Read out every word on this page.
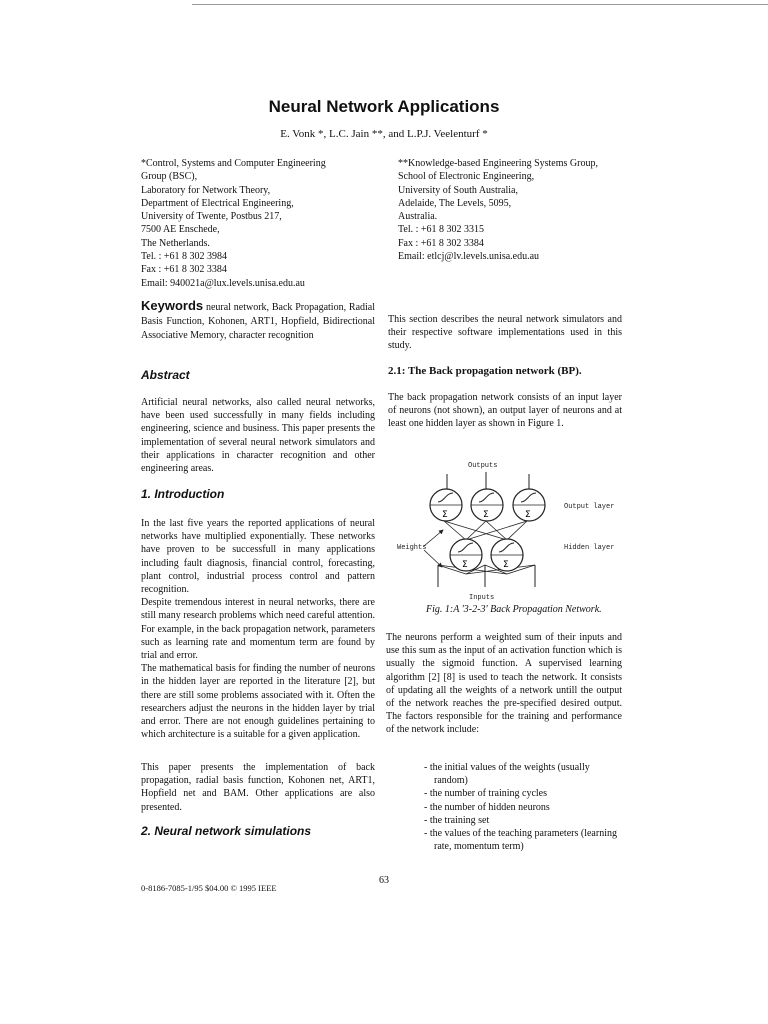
Neural Network Applications
E. Vonk *, L.C. Jain **, and L.P.J. Veelenturf *
*Control, Systems and Computer Engineering
Group (BSC),
Laboratory for Network Theory,
Department of Electrical Engineering,
University of Twente, Postbus 217,
7500 AE Enschede,
The Netherlands.
Tel. : +61 8 302 3984
Fax : +61 8 302 3384
Email: 940021a@lux.levels.unisa.edu.au
**Knowledge-based Engineering Systems Group,
School of Electronic Engineering,
University of South Australia,
Adelaide, The Levels, 5095,
Australia.
Tel. : +61 8 302 3315
Fax : +61 8 302 3384
Email: etlcj@lv.levels.unisa.edu.au
Keywords neural network, Back Propagation, Radial Basis Function, Kohonen, ART1, Hopfield, Bidirectional Associative Memory, character recognition
Abstract

Artificial neural networks, also called neural networks, have been used successfully in many fields including engineering, science and business. This paper presents the implementation of several neural network simulators and their applications in character recognition and other engineering areas.

1. Introduction

In the last five years the reported applications of neural networks have multiplied exponentially. These networks have proven to be successfull in many applications including fault diagnosis, financial control, forecasting, plant control, industrial process control and pattern recognition.

Despite tremendous interest in neural networks, there are still many research problems which need careful attention. For example, in the back propagation network, parameters such as learning rate and momentum term are found by trial and error.

The mathematical basis for finding the number of neurons in the hidden layer are reported in the literature [2], but there are still some problems associated with it. Often the researchers adjust the neurons in the hidden layer by trial and error. There are not enough guidelines pertaining to which architecture is a suitable for a given application.

This paper presents the implementation of back propagation, radial basis function, Kohonen net, ART1, Hopfield net and BAM. Other applications are also presented.

2. Neural network simulations

This section describes the neural network simulators and their respective software implementations used in this study.

2.1: The Back propagation network (BP).

The back propagation network consists of an input layer of neurons (not shown), an output layer of neurons and at least one hidden layer as shown in Figure 1.

Outputs
Σ	Σ	Σ
Σ	Σ
Weights
Output layer
Hidden layer
Inputs
Fig. 1:A '3-2-3' Back Propagation Network.

The neurons perform a weighted sum of their inputs and use this sum as the input of an activation function which is usually the sigmoid function. A supervised learning algorithm [2] [8] is used to teach the network. It consists of updating all the weights of a network untill the output of the network reaches the pre-specified desired output. The factors responsible for the training and performance of the network include:

- the initial values of the weights (usually random)
- the number of training cycles
- the number of hidden neurons
- the training set
- the values of the teaching parameters (learning rate, momentum term)
63
0-8186-7085-1/95 $04.00 © 1995 IEEE
